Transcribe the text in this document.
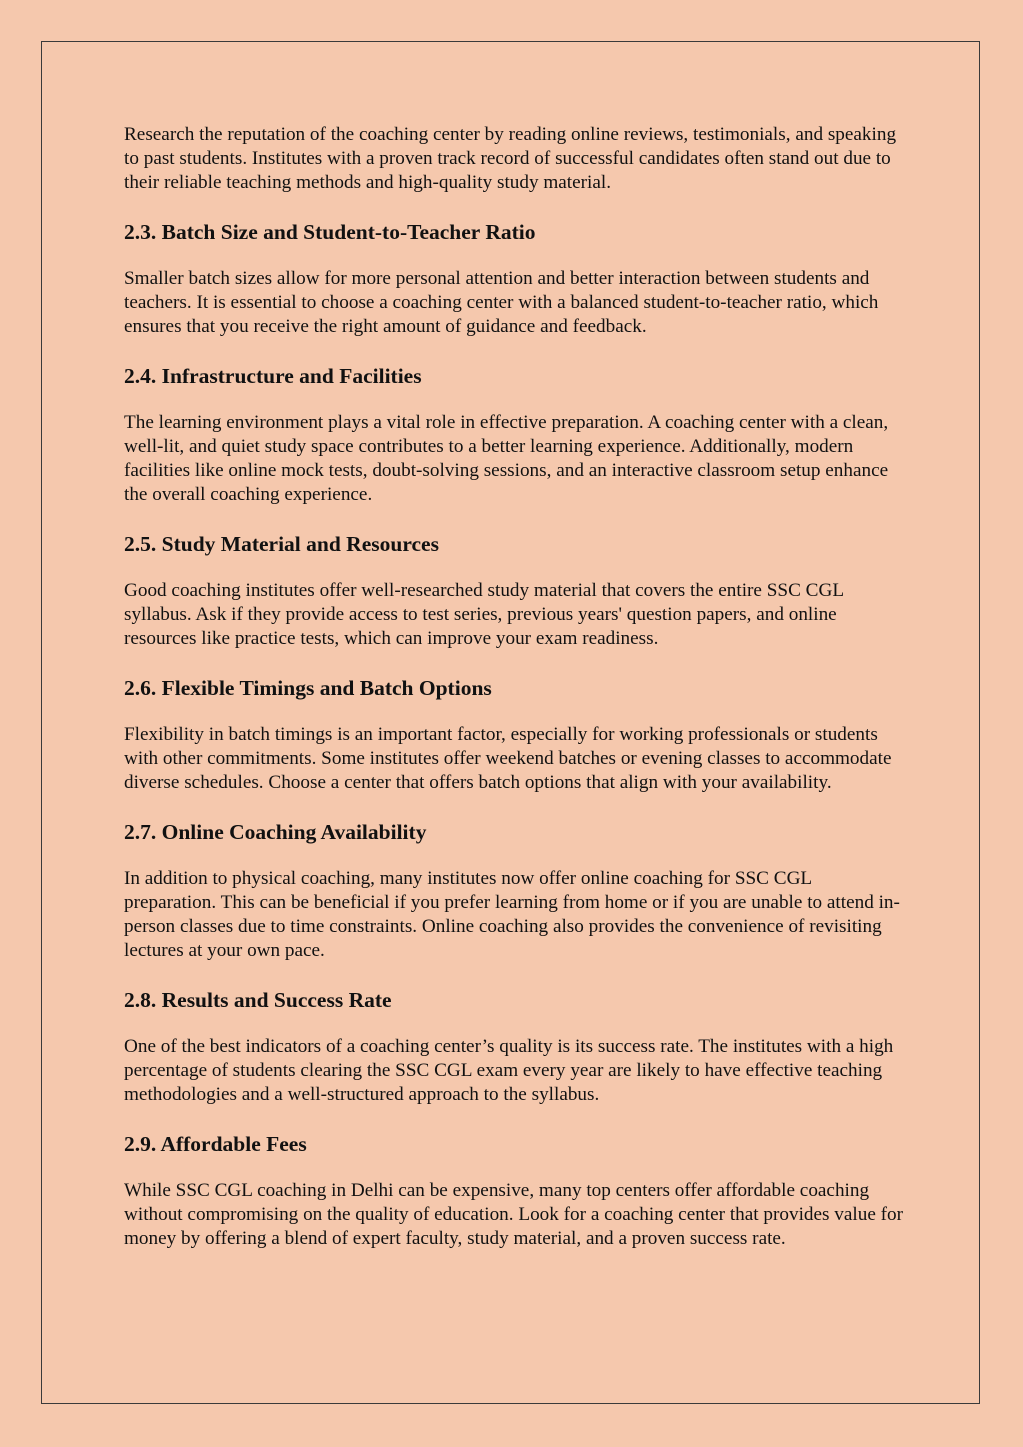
Research the reputation of the coaching center by reading online reviews, testimonials, and speaking to past students. Institutes with a proven track record of successful candidates often stand out due to their reliable teaching methods and high-quality study material.

2.3. Batch Size and Student-to-Teacher Ratio

Smaller batch sizes allow for more personal attention and better interaction between students and teachers. It is essential to choose a coaching center with a balanced student-to-teacher ratio, which ensures that you receive the right amount of guidance and feedback.

2.4. Infrastructure and Facilities

The learning environment plays a vital role in effective preparation. A coaching center with a clean, well-lit, and quiet study space contributes to a better learning experience. Additionally, modern facilities like online mock tests, doubt-solving sessions, and an interactive classroom setup enhance the overall coaching experience.

2.5. Study Material and Resources

Good coaching institutes offer well-researched study material that covers the entire SSC CGL syllabus. Ask if they provide access to test series, previous years' question papers, and online resources like practice tests, which can improve your exam readiness.

2.6. Flexible Timings and Batch Options

Flexibility in batch timings is an important factor, especially for working professionals or students with other commitments. Some institutes offer weekend batches or evening classes to accommodate diverse schedules. Choose a center that offers batch options that align with your availability.

2.7. Online Coaching Availability

In addition to physical coaching, many institutes now offer online coaching for SSC CGL preparation. This can be beneficial if you prefer learning from home or if you are unable to attend in-person classes due to time constraints. Online coaching also provides the convenience of revisiting lectures at your own pace.

2.8. Results and Success Rate

One of the best indicators of a coaching center’s quality is its success rate. The institutes with a high percentage of students clearing the SSC CGL exam every year are likely to have effective teaching methodologies and a well-structured approach to the syllabus.

2.9. Affordable Fees

While SSC CGL coaching in Delhi can be expensive, many top centers offer affordable coaching without compromising on the quality of education. Look for a coaching center that provides value for money by offering a blend of expert faculty, study material, and a proven success rate.
